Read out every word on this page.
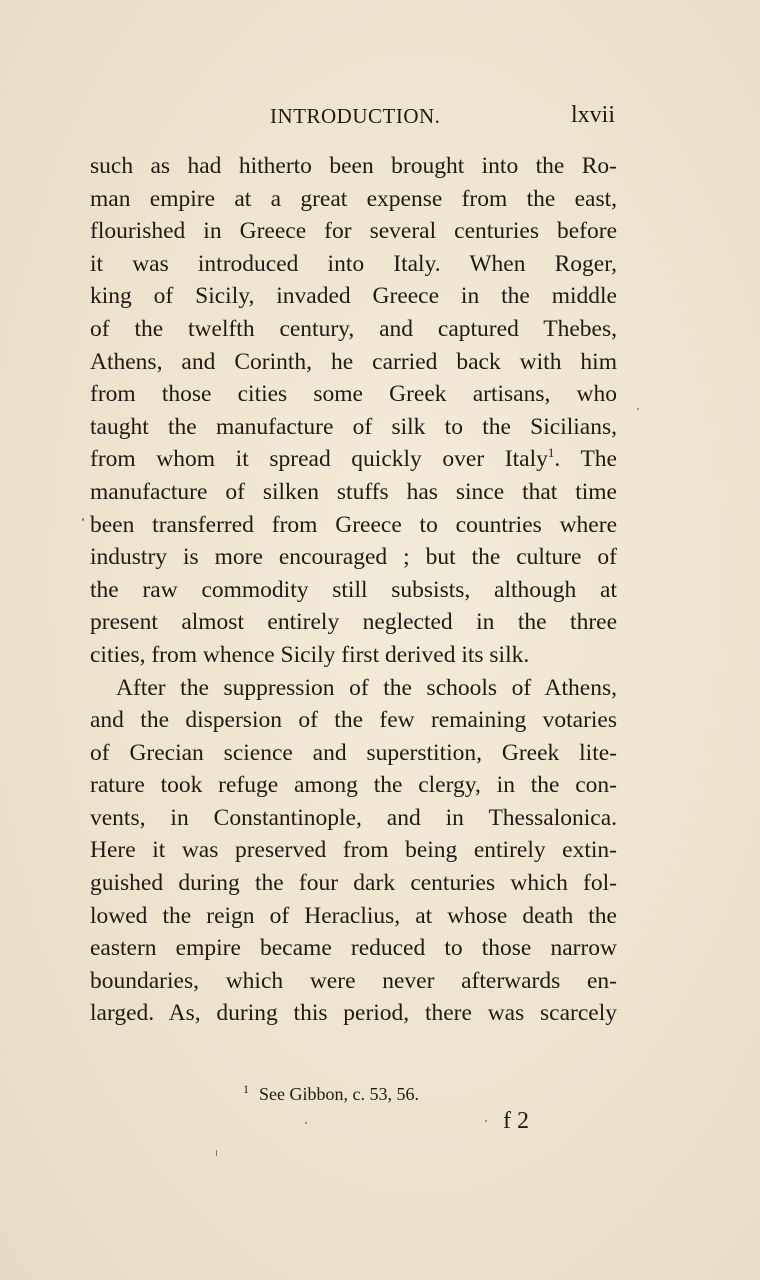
INTRODUCTION.	lxvii
such as had hitherto been brought into the Ro-
man empire at a great expense from the east,
flourished in Greece for several centuries before
it was introduced into Italy. When Roger,
king of Sicily, invaded Greece in the middle
of the twelfth century, and captured Thebes,
Athens, and Corinth, he carried back with him
from those cities some Greek artisans, who
taught the manufacture of silk to the Sicilians,
from whom it spread quickly over Italy$^1$. The
manufacture of silken stuffs has since that time
been transferred from Greece to countries where
industry is more encouraged ; but the culture of
the raw commodity still subsists, although at
present almost entirely neglected in the three
cities, from whence Sicily first derived its silk.
After the suppression of the schools of Athens,
and the dispersion of the few remaining votaries
of Grecian science and superstition, Greek lite-
rature took refuge among the clergy, in the con-
vents, in Constantinople, and in Thessalonica.
Here it was preserved from being entirely extin-
guished during the four dark centuries which fol-
lowed the reign of Heraclius, at whose death the
eastern empire became reduced to those narrow
boundaries, which were never afterwards en-
larged. As, during this period, there was scarcely
$^1$ See Gibbon, c. 53, 56.
f 2
